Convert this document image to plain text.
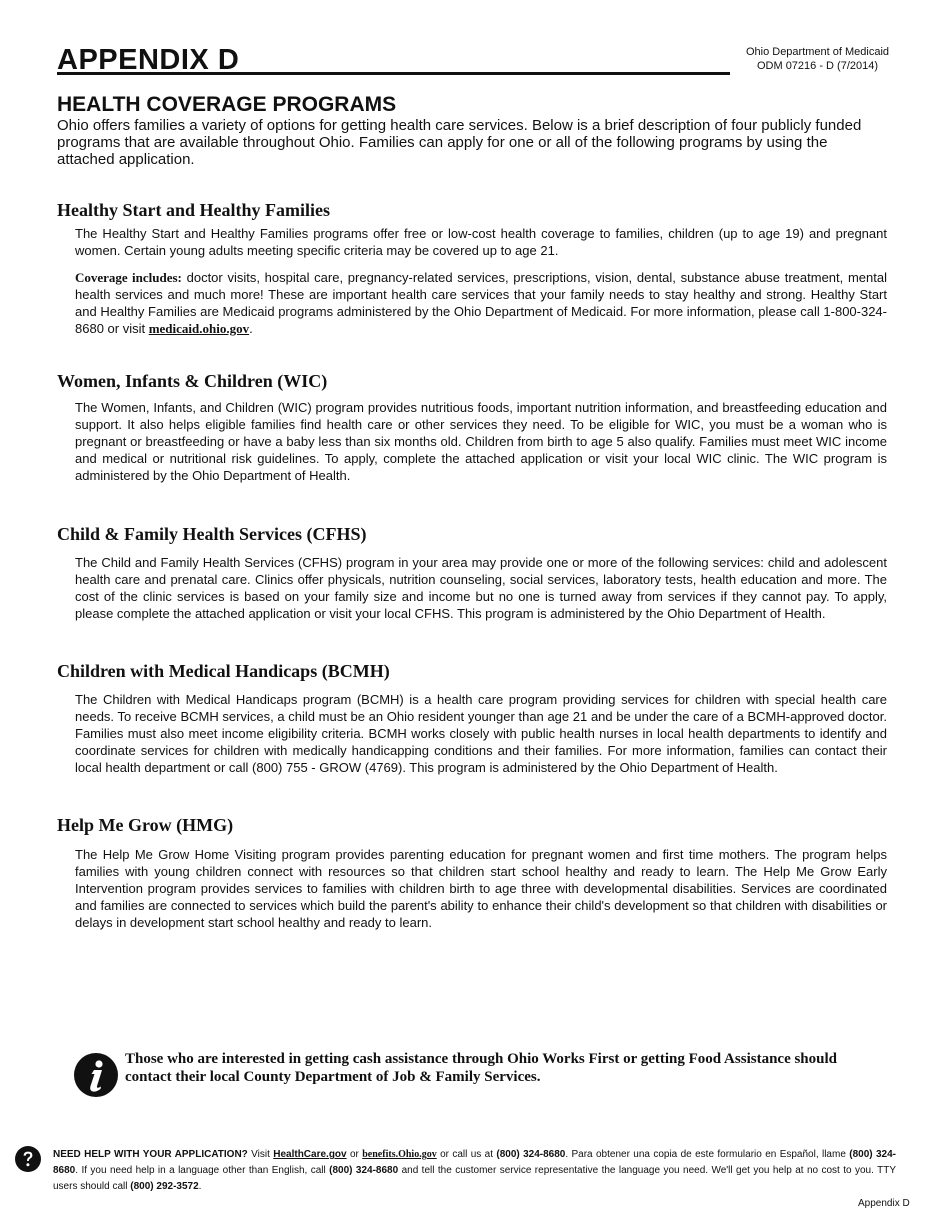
APPENDIX D	Ohio Department of Medicaid
ODM 07216 - D (7/2014)
HEALTH COVERAGE PROGRAMS

Ohio offers families a variety of options for getting health care services. Below is a brief description of four publicly funded programs that are available throughout Ohio. Families can apply for one or all of the following programs by using the attached application.

Healthy Start and Healthy Families

The Healthy Start and Healthy Families programs offer free or low-cost health coverage to families, children (up to age 19) and pregnant women. Certain young adults meeting specific criteria may be covered up to age 21.

Coverage includes: doctor visits, hospital care, pregnancy-related services, prescriptions, vision, dental, substance abuse treatment, mental health services and much more! These are important health care services that your family needs to stay healthy and strong. Healthy Start and Healthy Families are Medicaid programs administered by the Ohio Department of Medicaid. For more information, please call 1-800-324-8680 or visit medicaid.ohio.gov.

Women, Infants & Children (WIC)

The Women, Infants, and Children (WIC) program provides nutritious foods, important nutrition information, and breastfeeding education and support. It also helps eligible families find health care or other services they need. To be eligible for WIC, you must be a woman who is pregnant or breastfeeding or have a baby less than six months old. Children from birth to age 5 also qualify. Families must meet WIC income and medical or nutritional risk guidelines. To apply, complete the attached application or visit your local WIC clinic. The WIC program is administered by the Ohio Department of Health.

Child & Family Health Services (CFHS)

The Child and Family Health Services (CFHS) program in your area may provide one or more of the following services: child and adolescent health care and prenatal care. Clinics offer physicals, nutrition counseling, social services, laboratory tests, health education and more. The cost of the clinic services is based on your family size and income but no one is turned away from services if they cannot pay. To apply, please complete the attached application or visit your local CFHS. This program is administered by the Ohio Department of Health.

Children with Medical Handicaps (BCMH)

The Children with Medical Handicaps program (BCMH) is a health care program providing services for children with special health care needs. To receive BCMH services, a child must be an Ohio resident younger than age 21 and be under the care of a BCMH-approved doctor. Families must also meet income eligibility criteria. BCMH works closely with public health nurses in local health departments to identify and coordinate services for children with medically handicapping conditions and their families. For more information, families can contact their local health department or call (800) 755 - GROW (4769). This program is administered by the Ohio Department of Health.

Help Me Grow (HMG)

The Help Me Grow Home Visiting program provides parenting education for pregnant women and first time mothers. The program helps families with young children connect with resources so that children start school healthy and ready to learn. The Help Me Grow Early Intervention program provides services to families with children birth to age three with developmental disabilities. Services are coordinated and families are connected to services which build the parent's ability to enhance their child's development so that children with disabilities or delays in development start school healthy and ready to learn.

Those who are interested in getting cash assistance through Ohio Works First or getting Food Assistance should contact their local County Department of Job & Family Services.

NEED HELP WITH YOUR APPLICATION? Visit HealthCare.gov or benefits.Ohio.gov or call us at (800) 324-8680. Para obtener una copia de este formulario en Español, llame (800) 324-8680. If you need help in a language other than English, call (800) 324-8680 and tell the customer service representative the language you need. We'll get you help at no cost to you. TTY users should call (800) 292-3572.

Appendix D
